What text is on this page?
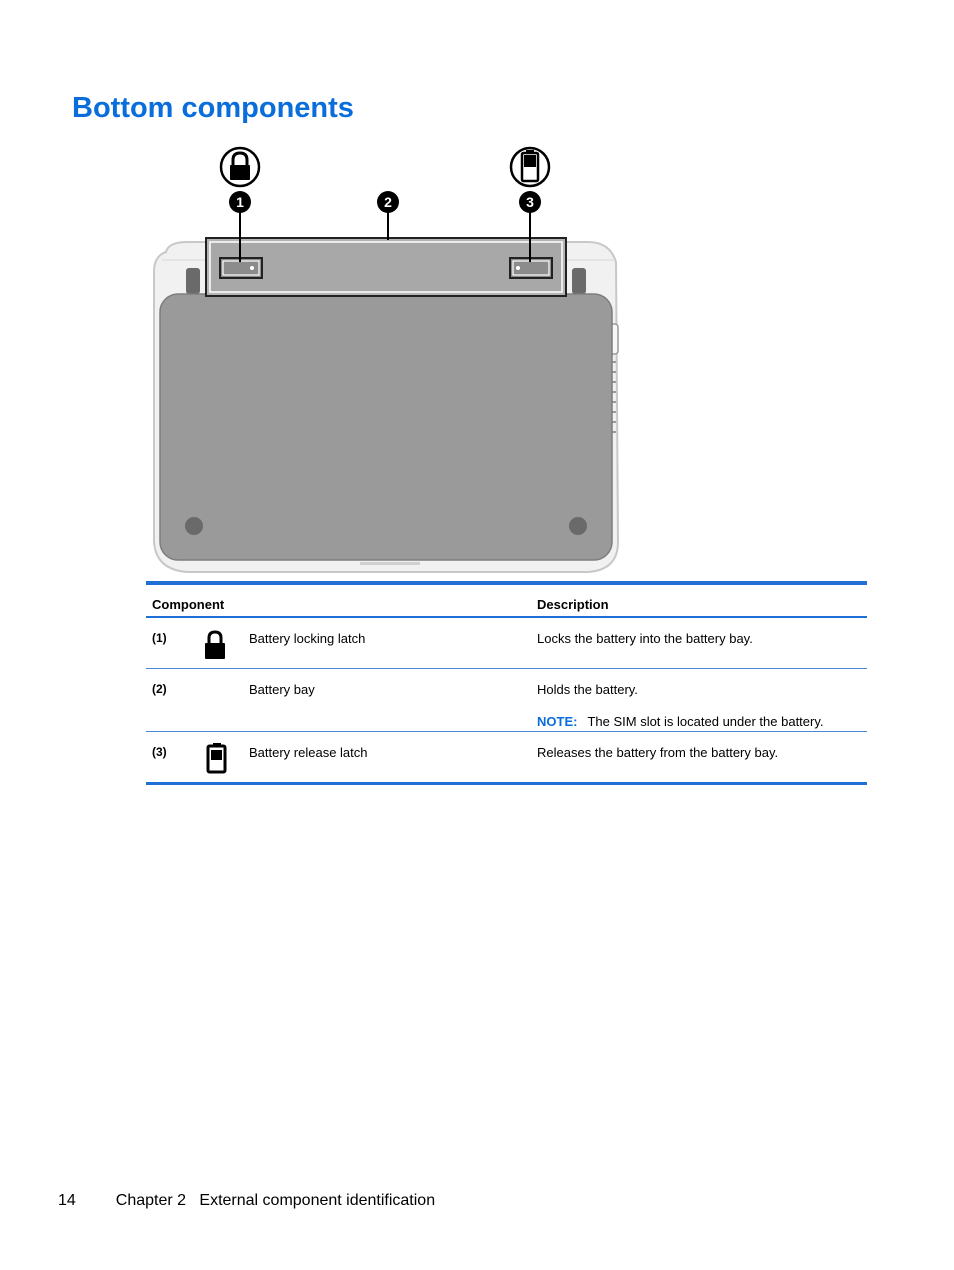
Bottom components
1	2	3
Component	Description
(1)	Battery locking latch	Locks the battery into the battery bay.
(2)	Battery bay	Holds the battery.
NOTE: The SIM slot is located under the battery.
(3)	Battery release latch	Releases the battery from the battery bay.
14	Chapter 2   External component identification
